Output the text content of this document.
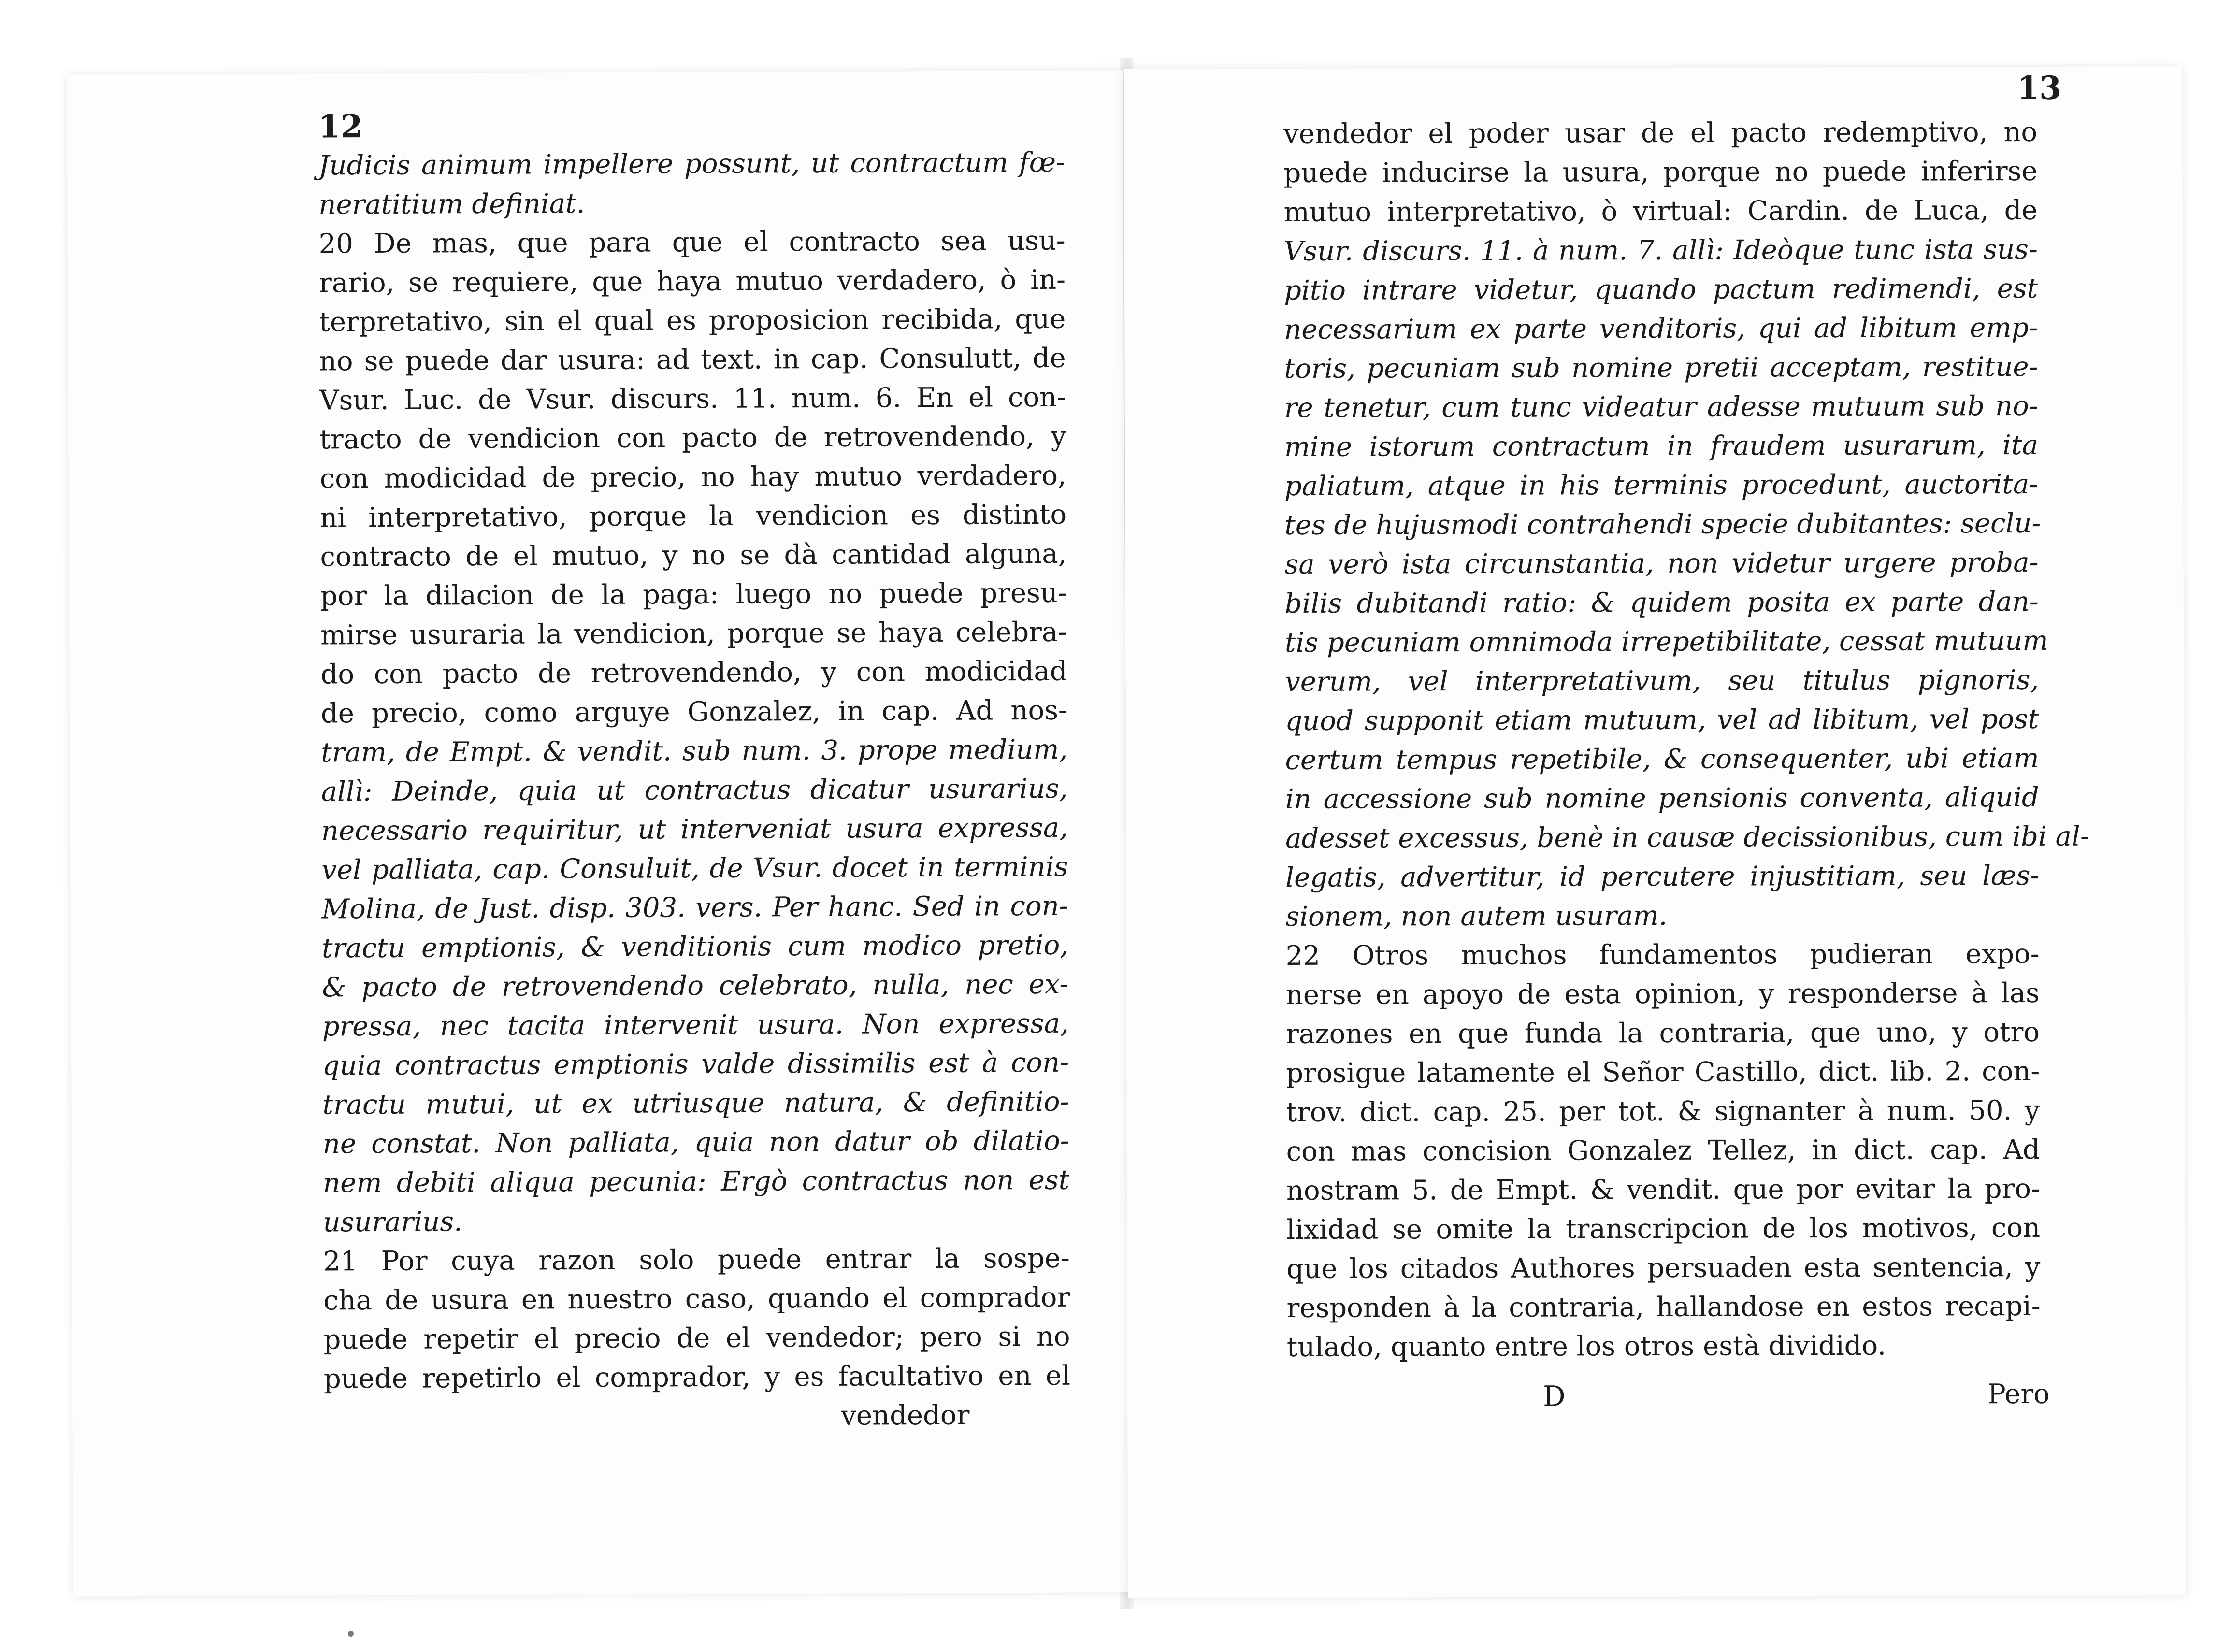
12
Judicis animum impellere possunt, ut contractum fœ-
neratitium definiat.
20 De mas, que para que el contracto sea usu-
rario, se requiere, que haya mutuo verdadero, ò in-
terpretativo, sin el qual es proposicion recibida, que
no se puede dar usura: ad text. in cap. Consulutt, de
Vsur. Luc. de Vsur. discurs. 11. num. 6. En el con-
tracto de vendicion con pacto de retrovendendo, y
con modicidad de precio, no hay mutuo verdadero,
ni interpretativo, porque la vendicion es distinto
contracto de el mutuo, y no se dà cantidad alguna,
por la dilacion de la paga: luego no puede presu-
mirse usuraria la vendicion, porque se haya celebra-
do con pacto de retrovendendo, y con modicidad
de precio, como arguye Gonzalez, in cap. Ad nos-
tram, de Empt. & vendit. sub num. 3. prope medium,
allì: Deinde, quia ut contractus dicatur usurarius,
necessario requiritur, ut interveniat usura expressa,
vel palliata, cap. Consuluit, de Vsur. docet in terminis
Molina, de Just. disp. 303. vers. Per hanc. Sed in con-
tractu emptionis, & venditionis cum modico pretio,
& pacto de retrovendendo celebrato, nulla, nec ex-
pressa, nec tacita intervenit usura. Non expressa,
quia contractus emptionis valde dissimilis est à con-
tractu mutui, ut ex utriusque natura, & definitio-
ne constat. Non palliata, quia non datur ob dilatio-
nem debiti aliqua pecunia: Ergò contractus non est
usurarius.
21 Por cuya razon solo puede entrar la sospe-
cha de usura en nuestro caso, quando el comprador
puede repetir el precio de el vendedor; pero si no
puede repetirlo el comprador, y es facultativo en el
vendedor
13
vendedor el poder usar de el pacto redemptivo, no
puede inducirse la usura, porque no puede inferirse
mutuo interpretativo, ò virtual: Cardin. de Luca, de
Vsur. discurs. 11. à num. 7. allì: Ideòque tunc ista sus-
pitio intrare videtur, quando pactum redimendi, est
necessarium ex parte venditoris, qui ad libitum emp-
toris, pecuniam sub nomine pretii acceptam, restitue-
re tenetur, cum tunc videatur adesse mutuum sub no-
mine istorum contractum in fraudem usurarum, ita
paliatum, atque in his terminis procedunt, auctorita-
tes de hujusmodi contrahendi specie dubitantes: seclu-
sa verò ista circunstantia, non videtur urgere proba-
bilis dubitandi ratio: & quidem posita ex parte dan-
tis pecuniam omnimoda irrepetibilitate, cessat mutuum
verum, vel interpretativum, seu titulus pignoris,
quod supponit etiam mutuum, vel ad libitum, vel post
certum tempus repetibile, & consequenter, ubi etiam
in accessione sub nomine pensionis conventa, aliquid
adesset excessus, benè in causæ decissionibus, cum ibi al-
legatis, advertitur, id percutere injustitiam, seu læs-
sionem, non autem usuram.
22 Otros muchos fundamentos pudieran expo-
nerse en apoyo de esta opinion, y responderse à las
razones en que funda la contraria, que uno, y otro
prosigue latamente el Señor Castillo, dict. lib. 2. con-
trov. dict. cap. 25. per tot. & signanter à num. 50. y
con mas concision Gonzalez Tellez, in dict. cap. Ad
nostram 5. de Empt. & vendit. que por evitar la pro-
lixidad se omite la transcripcion de los motivos, con
que los citados Authores persuaden esta sentencia, y
responden à la contraria, hallandose en estos recapi-
tulado, quanto entre los otros està dividido.
D	Pero
